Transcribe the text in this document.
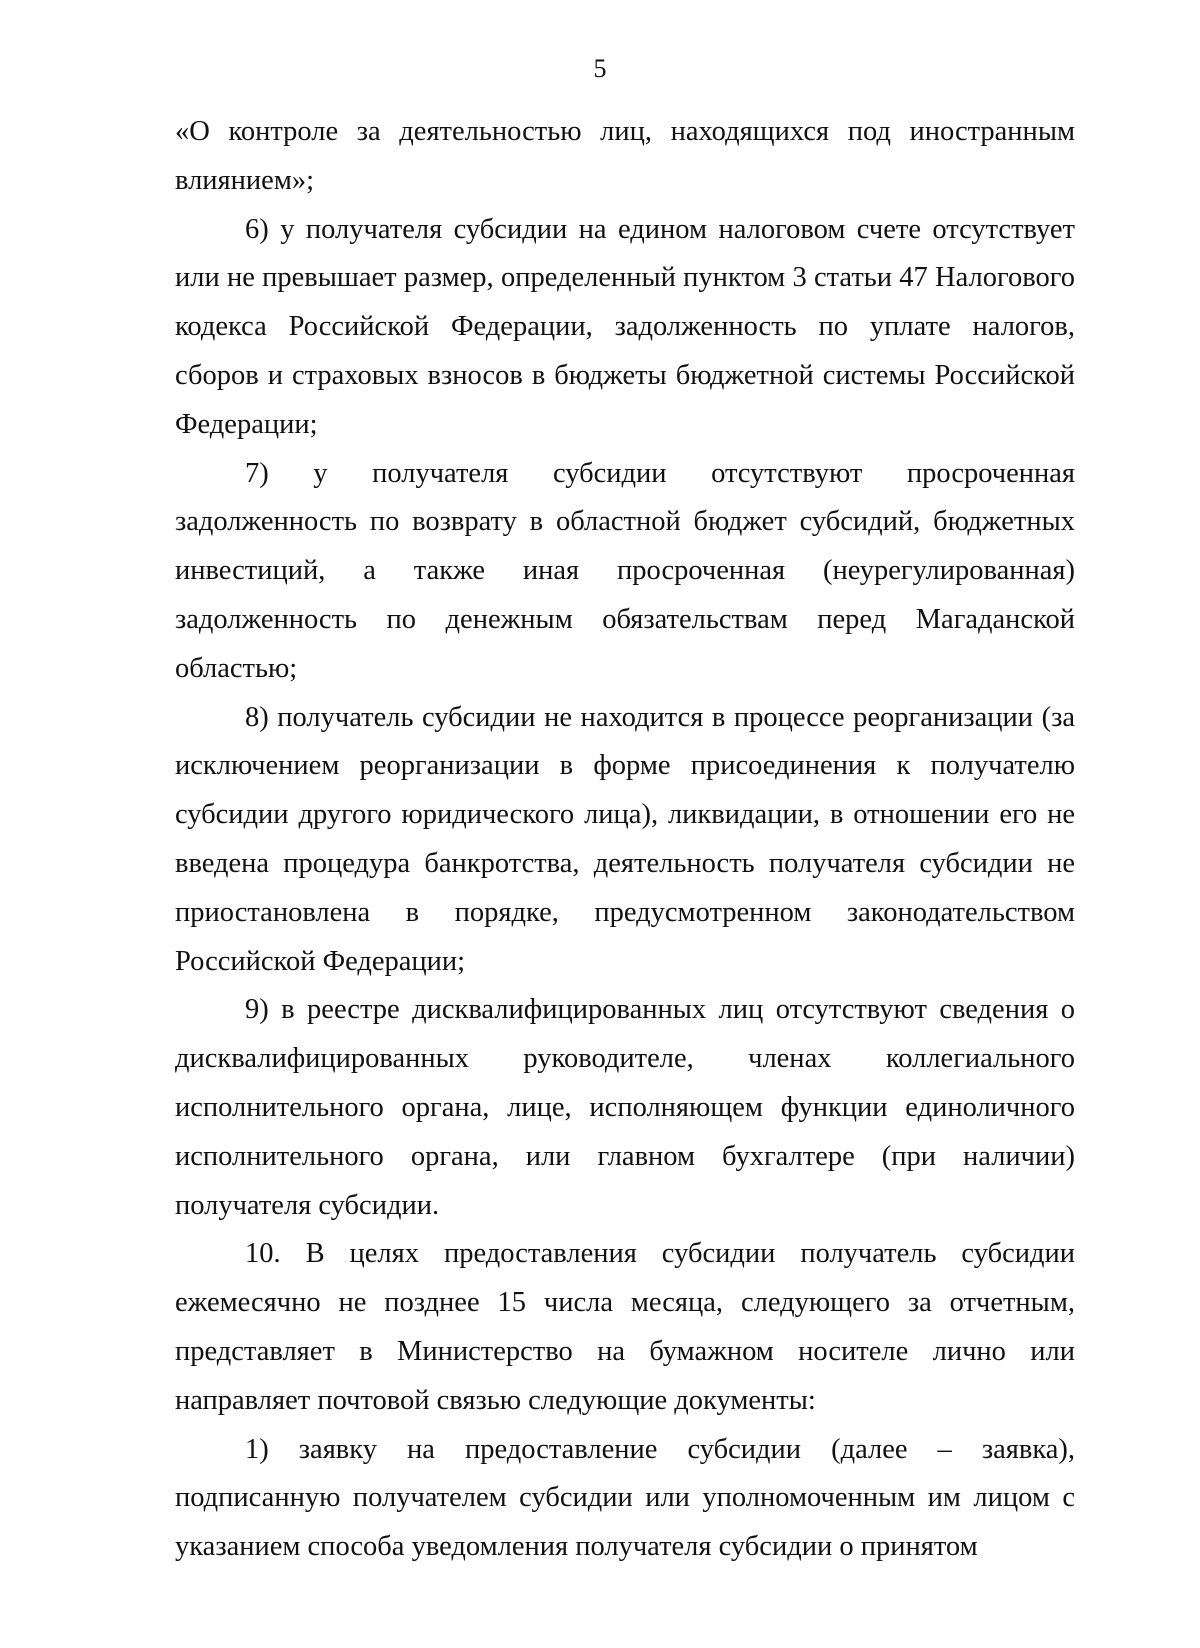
5

«О контроле за деятельностью лиц, находящихся под иностранным влиянием»;

6) у получателя субсидии на едином налоговом счете отсутствует или не превышает размер, определенный пунктом 3 статьи 47 Налогового кодекса Российской Федерации, задолженность по уплате налогов, сборов и страховых взносов в бюджеты бюджетной системы Российской Федерации;

7) у получателя субсидии отсутствуют просроченная задолженность по возврату в областной бюджет субсидий, бюджетных инвестиций, а также иная просроченная (неурегулированная) задолженность по денежным обязательствам перед Магаданской областью;

8) получатель субсидии не находится в процессе реорганизации (за исключением реорганизации в форме присоединения к получателю субсидии другого юридического лица), ликвидации, в отношении его не введена процедура банкротства, деятельность получателя субсидии не приостановлена в порядке, предусмотренном законодательством Российской Федерации;

9) в реестре дисквалифицированных лиц отсутствуют сведения о дисквалифицированных руководителе, членах коллегиального исполнительного органа, лице, исполняющем функции единоличного исполнительного органа, или главном бухгалтере (при наличии) получателя субсидии.

10. В целях предоставления субсидии получатель субсидии ежемесячно не позднее 15 числа месяца, следующего за отчетным, представляет в Министерство на бумажном носителе лично или направляет почтовой связью следующие документы:

1) заявку на предоставление субсидии (далее – заявка), подписанную получателем субсидии или уполномоченным им лицом с указанием способа уведомления получателя субсидии о принятом
